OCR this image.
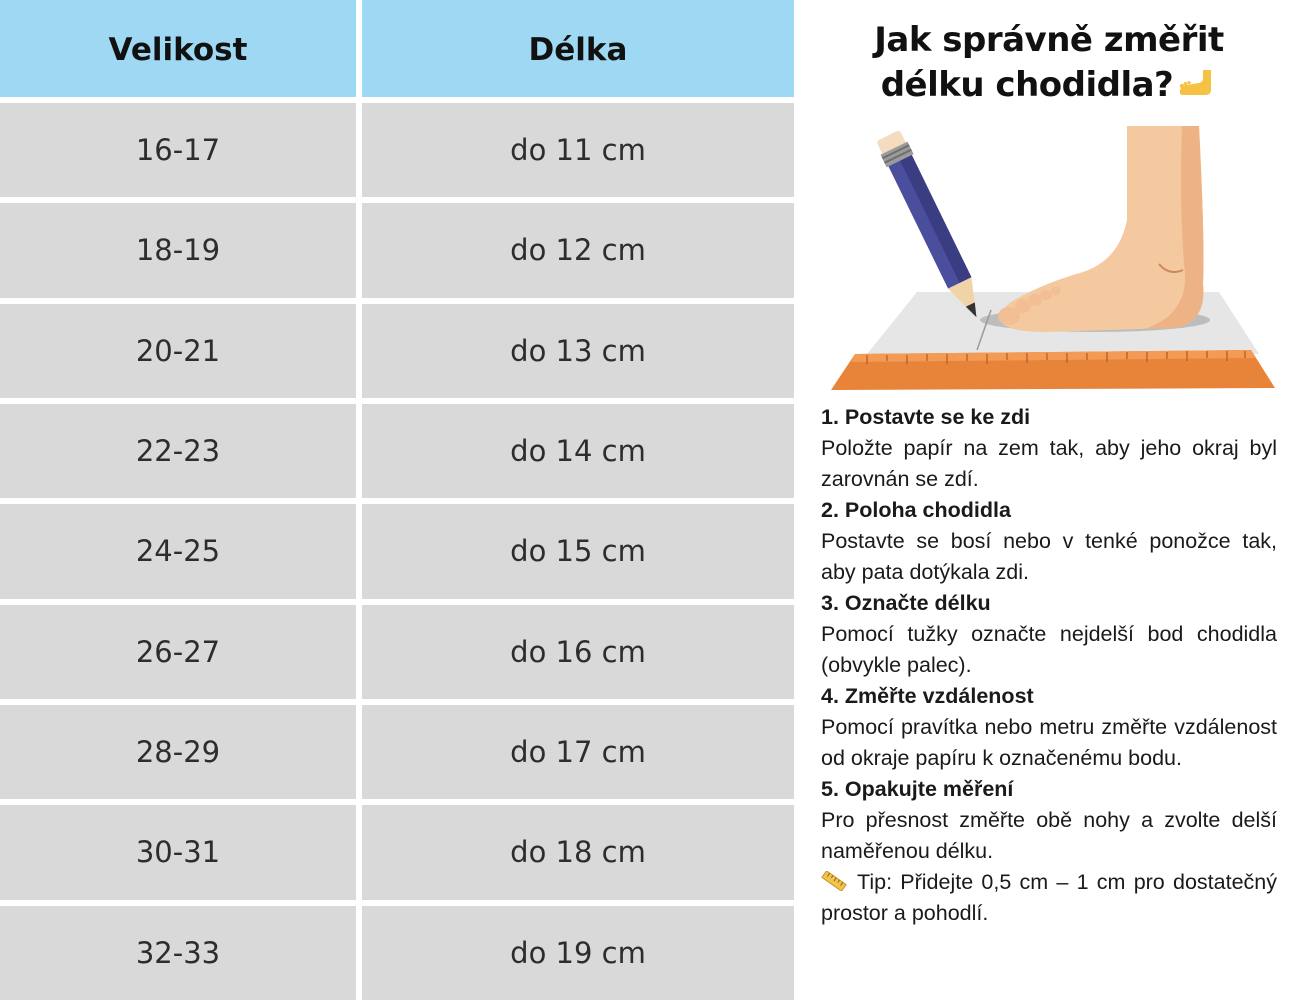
Velikost	Délka
16-17	do 11 cm
18-19	do 12 cm
20-21	do 13 cm
22-23	do 14 cm
24-25	do 15 cm
26-27	do 16 cm
28-29	do 17 cm
30-31	do 18 cm
32-33	do 19 cm
Jak správně změřit
délku chodidla?
1. Postavte se ke zdi
Položte papír na zem tak, aby jeho okraj byl zarovnán se zdí.
2. Poloha chodidla
Postavte se bosí nebo v tenké ponožce tak, aby pata dotýkala zdi.
3. Označte délku
Pomocí tužky označte nejdelší bod chodidla (obvykle palec).
4. Změřte vzdálenost
Pomocí pravítka nebo metru změřte vzdálenost od okraje papíru k označenému bodu.
5. Opakujte měření
Pro přesnost změřte obě nohy a zvolte delší naměřenou délku.
Tip: Přidejte 0,5 cm – 1 cm pro dostatečný prostor a pohodlí.
